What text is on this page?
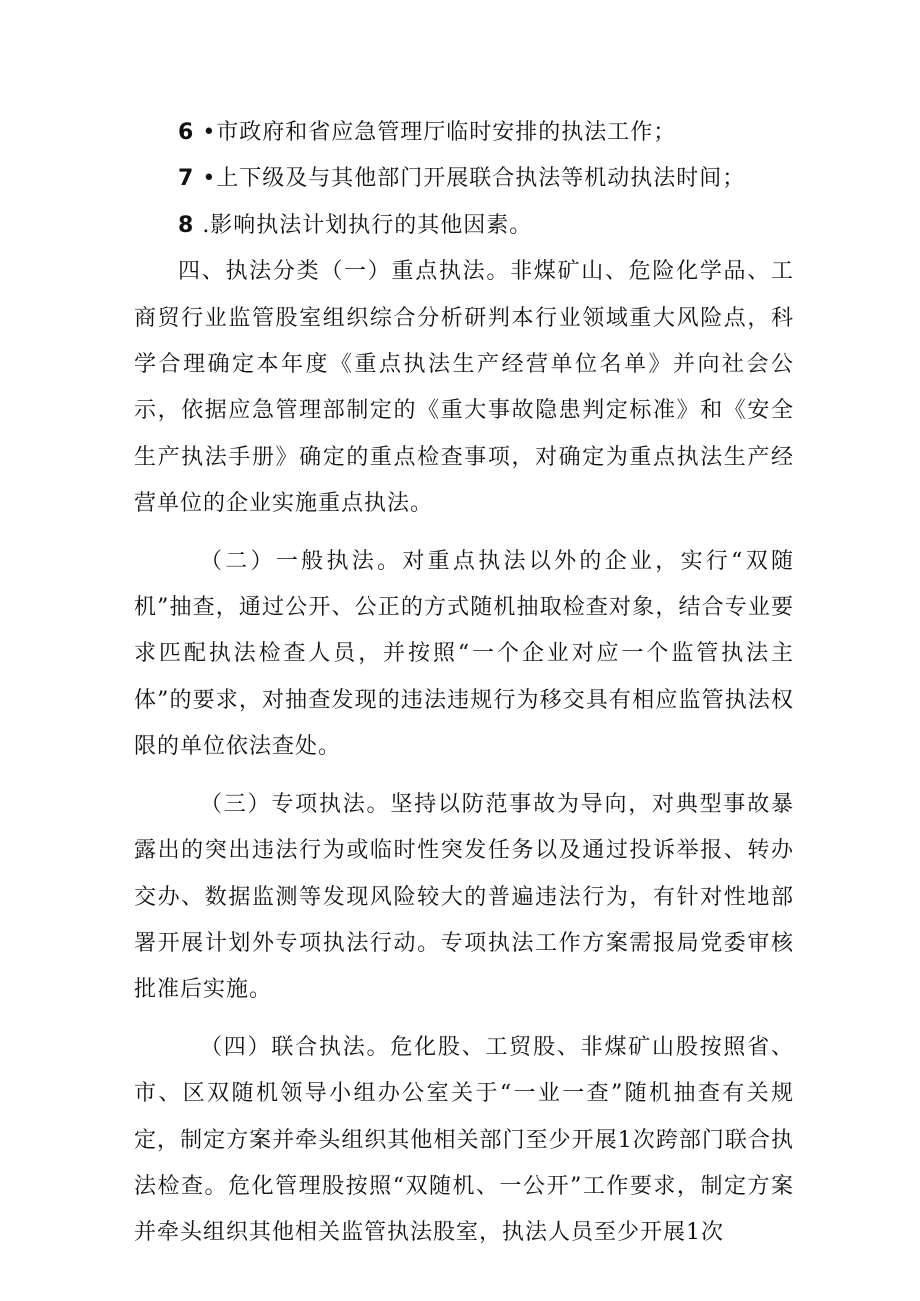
6 •市政府和省应急管理厅临时安排的执法工作；

7 •上下级及与其他部门开展联合执法等机动执法时间；

8 .影响执法计划执行的其他因素。

四、执法分类（一）重点执法。非煤矿山、危险化学品、工商贸行业监管股室组织综合分析研判本行业领域重大风险点，科学合理确定本年度《重点执法生产经营单位名单》并向社会公示，依据应急管理部制定的《重大事故隐患判定标准》和《安全生产执法手册》确定的重点检查事项，对确定为重点执法生产经营单位的企业实施重点执法。

（二）一般执法。对重点执法以外的企业，实行“双随机”抽查，通过公开、公正的方式随机抽取检查对象，结合专业要求匹配执法检查人员，并按照“一个企业对应一个监管执法主体”的要求，对抽查发现的违法违规行为移交具有相应监管执法权限的单位依法查处。

（三）专项执法。坚持以防范事故为导向，对典型事故暴露出的突出违法行为或临时性突发任务以及通过投诉举报、转办交办、数据监测等发现风险较大的普遍违法行为，有针对性地部署开展计划外专项执法行动。专项执法工作方案需报局党委审核批准后实施。

（四）联合执法。危化股、工贸股、非煤矿山股按照省、市、区双随机领导小组办公室关于“一业一查”随机抽查有关规定，制定方案并牵头组织其他相关部门至少开展1次跨部门联合执法检查。危化管理股按照“双随机、一公开”工作要求，制定方案并牵头组织其他相关监管执法股室，执法人员至少开展1次
